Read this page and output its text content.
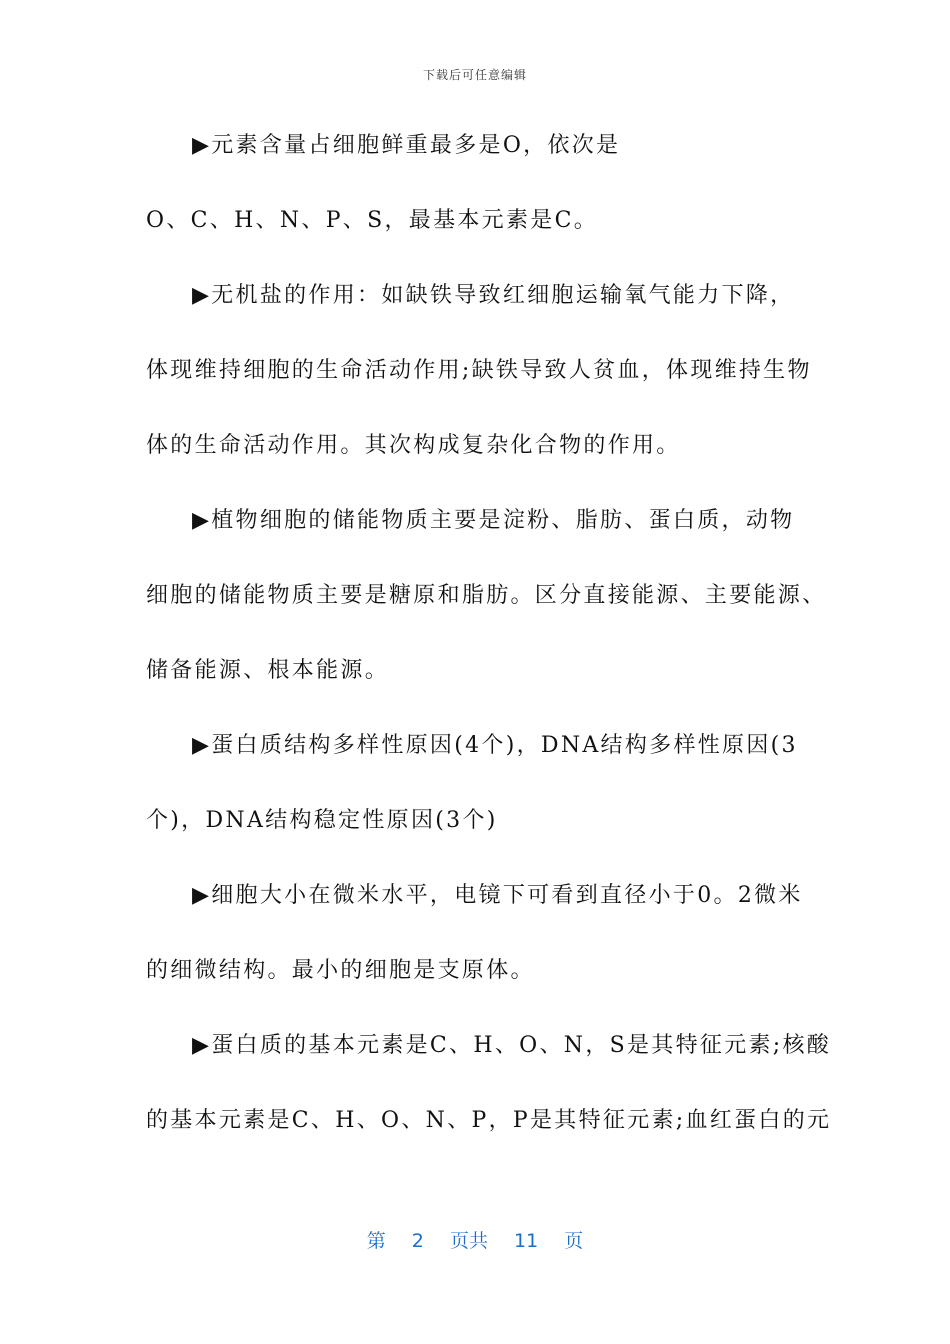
下载后可任意编辑
▶元素含量占细胞鲜重最多是O，依次是
O、C、H、N、P、S，最基本元素是C。
▶无机盐的作用：如缺铁导致红细胞运输氧气能力下降，
体现维持细胞的生命活动作用;缺铁导致人贫血，体现维持生物
体的生命活动作用。其次构成复杂化合物的作用。
▶植物细胞的储能物质主要是淀粉、脂肪、蛋白质，动物
细胞的储能物质主要是糖原和脂肪。区分直接能源、主要能源、
储备能源、根本能源。
▶蛋白质结构多样性原因(4个)，DNA结构多样性原因(3
个)，DNA结构稳定性原因(3个)
▶细胞大小在微米水平，电镜下可看到直径小于0。2微米
的细微结构。最小的细胞是支原体。
▶蛋白质的基本元素是C、H、O、N，S是其特征元素;核酸
的基本元素是C、H、O、N、P，P是其特征元素;血红蛋白的元
第 2 页共 11 页
